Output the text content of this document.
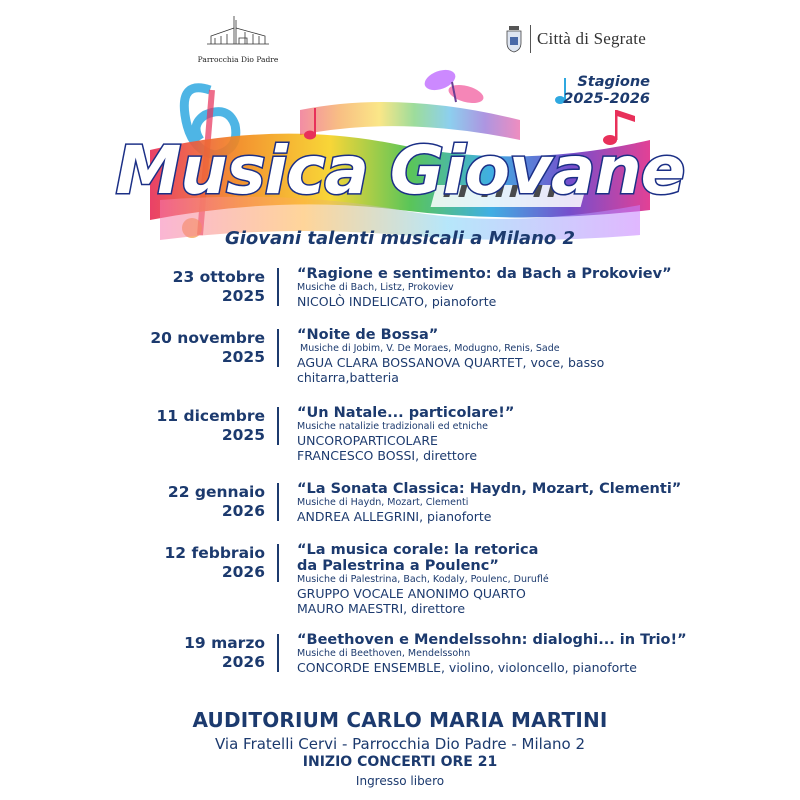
Parrocchia Dio Padre
Città di Segrate
Musica Giovane
Stagione
2025-2026
Giovani talenti musicali a Milano 2
23 ottobre
2025
“Ragione e sentimento: da Bach a Prokoviev”
Musiche di Bach, Listz, Prokoviev
NICOLÒ INDELICATO, pianoforte
20 novembre
2025
“Noite de Bossa”
Musiche di Jobim, V. De Moraes, Modugno, Renis, Sade
AGUA CLARA BOSSANOVA QUARTET, voce, basso
chitarra,batteria
11 dicembre
2025
“Un Natale... particolare!”
Musiche natalizie tradizionali ed etniche
UNCOROPARTICOLARE
FRANCESCO BOSSI, direttore
22 gennaio
2026
“La Sonata Classica: Haydn, Mozart, Clementi”
Musiche di Haydn, Mozart, Clementi
ANDREA ALLEGRINI, pianoforte
12 febbraio
2026
“La musica corale: la retorica
da Palestrina a Poulenc”
Musiche di Palestrina, Bach, Kodaly, Poulenc, Duruflé
GRUPPO VOCALE ANONIMO QUARTO
MAURO MAESTRI, direttore
19 marzo
2026
“Beethoven e Mendelssohn: dialoghi... in Trio!”
Musiche di Beethoven, Mendelssohn
CONCORDE ENSEMBLE, violino, violoncello, pianoforte
AUDITORIUM CARLO MARIA MARTINI
Via Fratelli Cervi - Parrocchia Dio Padre - Milano 2
INIZIO CONCERTI ORE 21
Ingresso libero
